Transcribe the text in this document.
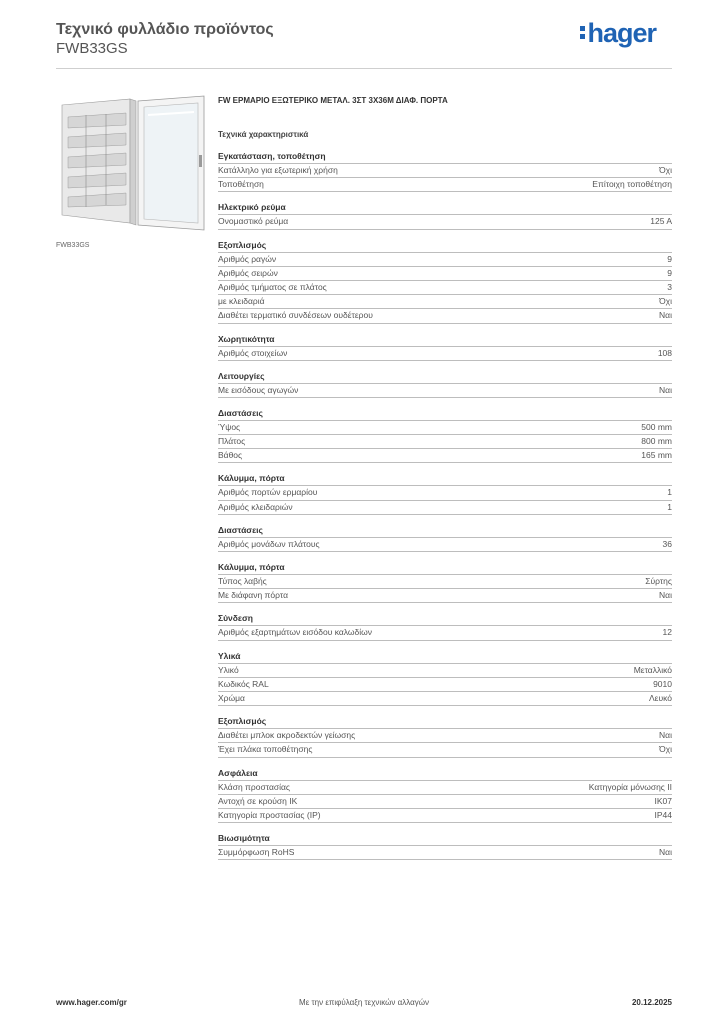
Τεχνικό φυλλάδιο προϊόντος
FWB33GS
hager
FWB33GS
FW ΕΡΜΑΡΙΟ ΕΞΩΤΕΡΙΚΟ ΜΕΤΑΛ. 3ΣΤ 3Χ36Μ ΔΙΑΦ. ΠΟΡΤΑ
Τεχνικά χαρακτηριστικά
Εγκατάσταση, τοποθέτηση
Κατάλληλο για εξωτερική χρήση	Όχι
Τοποθέτηση	Επίτοιχη τοποθέτηση
Ηλεκτρικό ρεύμα
Ονομαστικό ρεύμα	125 A
Εξοπλισμός
Αριθμός ραγών	9
Αριθμός σειρών	9
Αριθμός τμήματος σε πλάτος	3
με κλειδαριά	Όχι
Διαθέτει τερματικό συνδέσεων ουδέτερου	Ναι
Χωρητικότητα
Αριθμός στοιχείων	108
Λειτουργίες
Με εισόδους αγωγών	Ναι
Διαστάσεις
Ύψος	500 mm
Πλάτος	800 mm
Βάθος	165 mm
Κάλυμμα, πόρτα
Αριθμός πορτών ερμαρίου	1
Αριθμός κλειδαριών	1
Διαστάσεις
Αριθμός μονάδων πλάτους	36
Κάλυμμα, πόρτα
Τύπος λαβής	Σύρτης
Με διάφανη πόρτα	Ναι
Σύνδεση
Αριθμός εξαρτημάτων εισόδου καλωδίων	12
Υλικά
Υλικό	Μεταλλικό
Κωδικός RAL	9010
Χρώμα	Λευκό
Εξοπλισμός
Διαθέτει μπλοκ ακροδεκτών γείωσης	Ναι
Έχει πλάκα τοποθέτησης	Όχι
Ασφάλεια
Κλάση προστασίας	Κατηγορία μόνωσης II
Αντοχή σε κρούση IK	IK07
Κατηγορία προστασίας (IP)	IP44
Βιωσιμότητα
Συμμόρφωση RoHS	Ναι
www.hager.com/gr	Με την επιφύλαξη τεχνικών αλλαγών	20.12.2025
